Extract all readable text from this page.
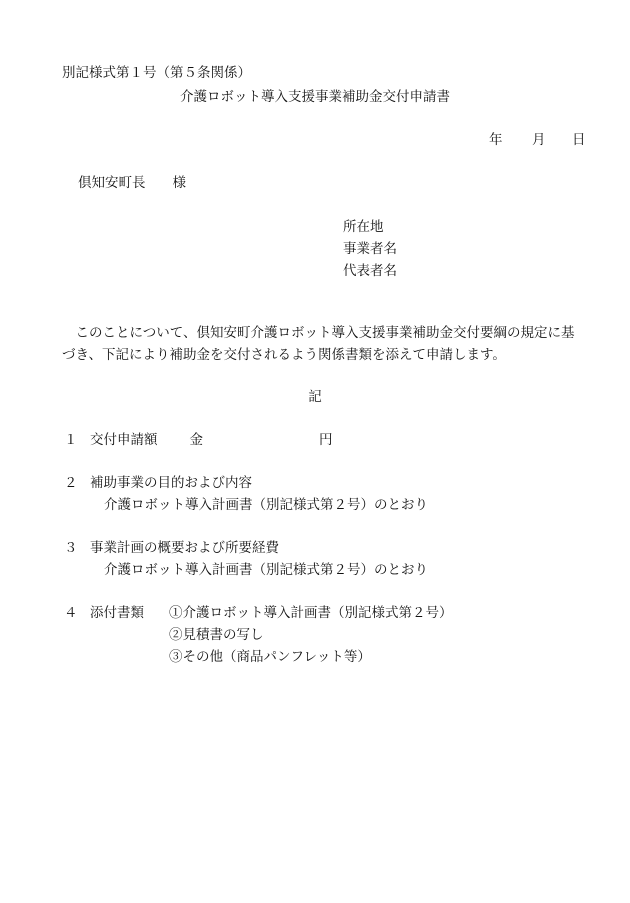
別記様式第１号（第５条関係）
介護ロボット導入支援事業補助金交付申請書
年 月 日
倶知安町長　　様
所在地
事業者名
代表者名

このことについて、倶知安町介護ロボット導入支援事業補助金交付要綱の規定に基づき、下記により補助金を交付されるよう関係書類を添えて申請します。

記
１ 交付申請額 金	円
２ 補助事業の目的および内容
介護ロボット導入計画書（別記様式第２号）のとおり
３ 事業計画の概要および所要経費
介護ロボット導入計画書（別記様式第２号）のとおり
４ 添付書類 ①介護ロボット導入計画書（別記様式第２号）
②見積書の写し
③その他（商品パンフレット等）
